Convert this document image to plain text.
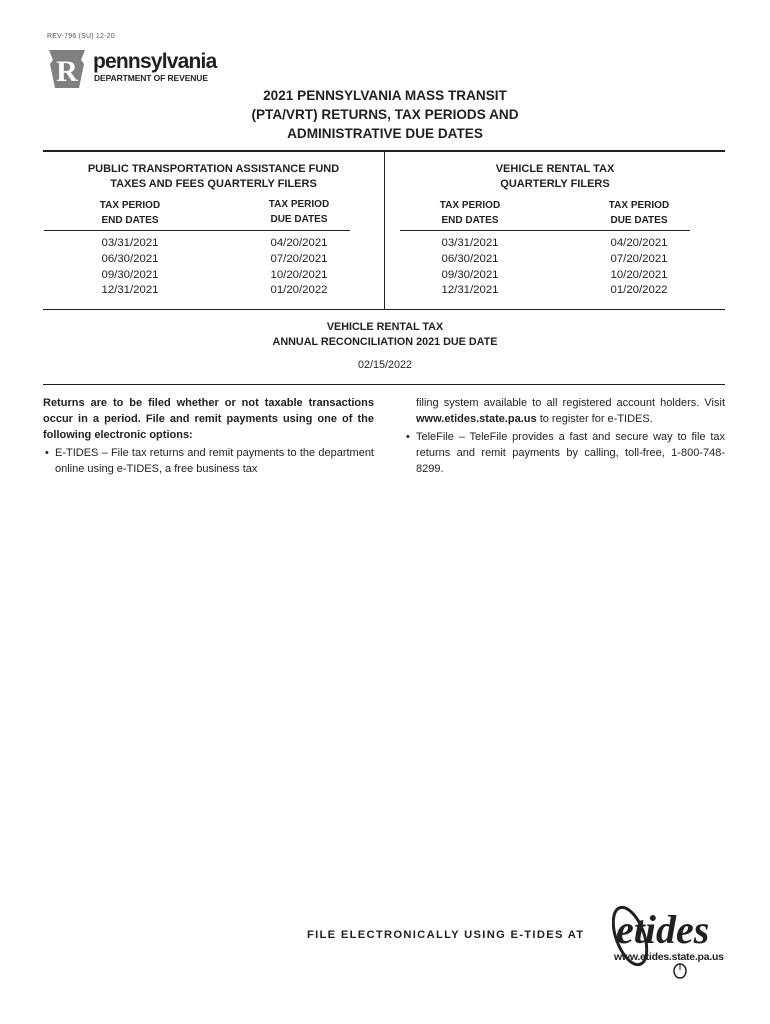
REV-796 (SU) 12-20
R pennsylvania
DEPARTMENT OF REVENUE
2021 PENNSYLVANIA MASS TRANSIT
(PTA/VRT) RETURNS, TAX PERIODS AND
ADMINISTRATIVE DUE DATES
PUBLIC TRANSPORTATION ASSISTANCE FUND
TAXES AND FEES QUARTERLY FILERS
TAX PERIOD
END DATES
TAX PERIOD
DUE DATES
03/31/2021
06/30/2021
09/30/2021
12/31/2021
04/20/2021
07/20/2021
10/20/2021
01/20/2022
VEHICLE RENTAL TAX
QUARTERLY FILERS
TAX PERIOD
END DATES
TAX PERIOD
DUE DATES
03/31/2021
06/30/2021
09/30/2021
12/31/2021
04/20/2021
07/20/2021
10/20/2021
01/20/2022
VEHICLE RENTAL TAX
ANNUAL RECONCILIATION 2021 DUE DATE
02/15/2022
Returns are to be filed whether or not taxable transactions occur in a period. File and remit payments using one of the following electronic options:
• E-TIDES – File tax returns and remit payments to the department online using e-TIDES, a free business tax
filing system available to all registered account holders. Visit www.etides.state.pa.us to register for e-TIDES.
• TeleFile – TeleFile provides a fast and secure way to file tax returns and remit payments by calling, toll-free, 1-800-748-8299.
FILE ELECTRONICALLY USING E-TIDES AT etides
www.etides.state.pa.us
